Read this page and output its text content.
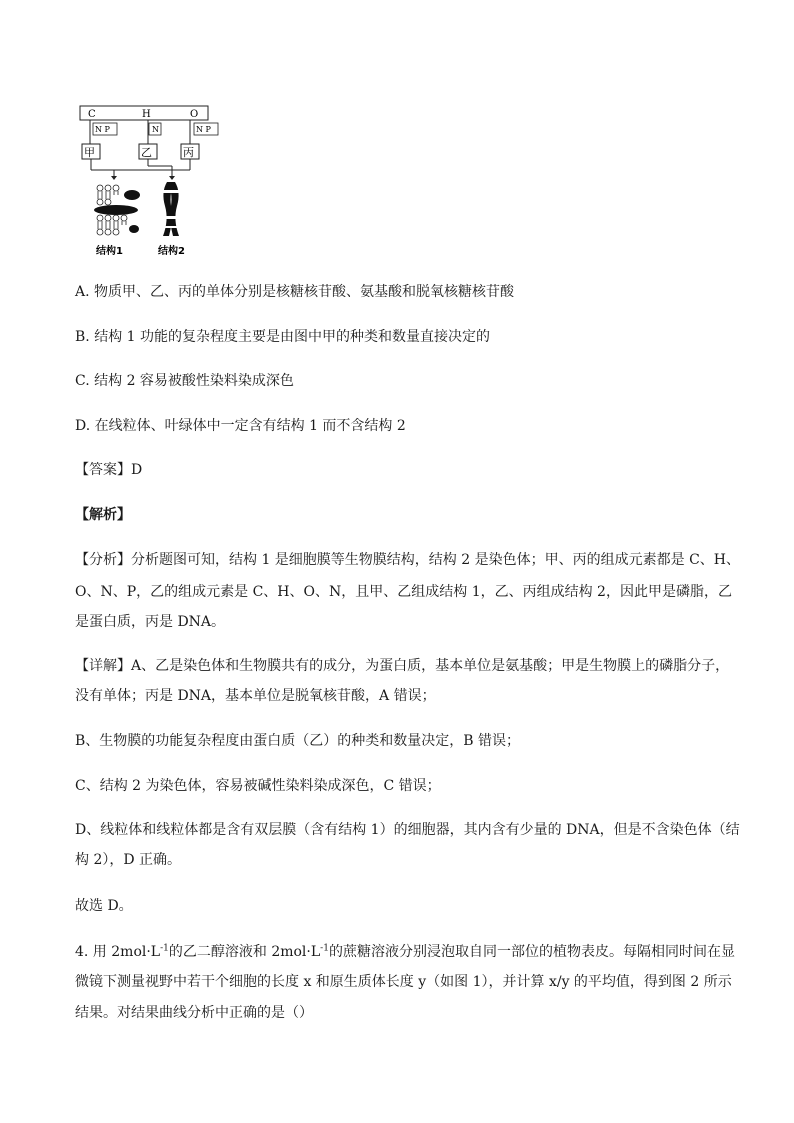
C	H	O
N P	N	N P
甲	乙	丙
结构1	结构2
A. 物质甲、乙、丙的单体分别是核糖核苷酸、氨基酸和脱氧核糖核苷酸
B. 结构 1 功能的复杂程度主要是由图中甲的种类和数量直接决定的
C. 结构 2 容易被酸性染料染成深色
D. 在线粒体、叶绿体中一定含有结构 1 而不含结构 2
【答案】D
【解析】
【分析】分析题图可知，结构 1 是细胞膜等生物膜结构，结构 2 是染色体；甲、丙的组成元素都是 C、H、
O、N、P，乙的组成元素是 C、H、O、N，且甲、乙组成结构 1，乙、丙组成结构 2，因此甲是磷脂，乙
是蛋白质，丙是 DNA。
【详解】A、乙是染色体和生物膜共有的成分，为蛋白质，基本单位是氨基酸；甲是生物膜上的磷脂分子，
没有单体；丙是 DNA，基本单位是脱氧核苷酸，A 错误；
B、生物膜的功能复杂程度由蛋白质（乙）的种类和数量决定，B 错误；
C、结构 2 为染色体，容易被碱性染料染成深色，C 错误；
D、线粒体和线粒体都是含有双层膜（含有结构 1）的细胞器，其内含有少量的 DNA，但是不含染色体（结
构 2），D 正确。
故选 D。
4. 用 $2mol\cdot L^{-1}$的乙二醇溶液和 $2mol\cdot L^{-1}$的蔗糖溶液分别浸泡取自同一部位的植物表皮。每隔相同时间在显
微镜下测量视野中若干个细胞的长度 x 和原生质体长度 y（如图 1），并计算 x/y 的平均值，得到图 2 所示
结果。对结果曲线分析中正确的是（）
